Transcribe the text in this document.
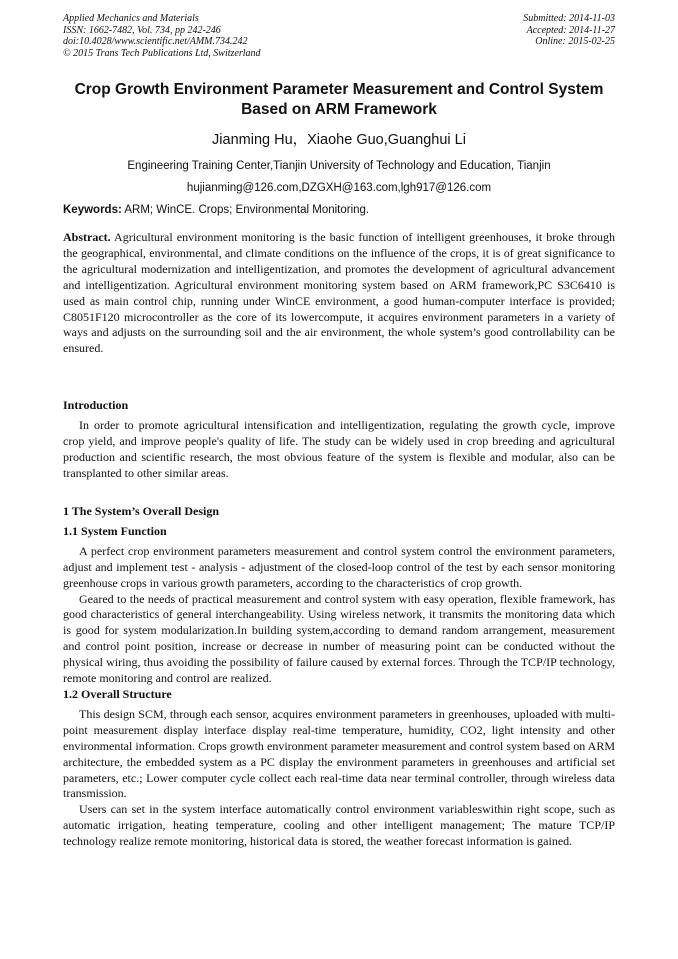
Applied Mechanics and Materials
ISSN: 1662-7482, Vol. 734, pp 242-246
doi:10.4028/www.scientific.net/AMM.734.242
© 2015 Trans Tech Publications Ltd, Switzerland
Submitted: 2014-11-03
Accepted: 2014-11-27
Online: 2015-02-25
Crop Growth Environment Parameter Measurement and Control System
Based on ARM Framework
Jianming Hu，Xiaohe Guo,Guanghui Li
Engineering Training Center,Tianjin University of Technology and Education, Tianjin
hujianming@126.com,DZGXH@163.com,lgh917@126.com
Keywords: ARM; WinCE. Crops; Environmental Monitoring.

Abstract. Agricultural environment monitoring is the basic function of intelligent greenhouses, it broke through the geographical, environmental, and climate conditions on the influence of the crops, it is of great significance to the agricultural modernization and intelligentization, and promotes the development of agricultural advancement and intelligentization. Agricultural environment monitoring system based on ARM framework,PC S3C6410 is used as main control chip, running under WinCE environment, a good human-computer interface is provided; C8051F120 microcontroller as the core of its lowercompute, it acquires environment parameters in a variety of ways and adjusts on the surrounding soil and the air environment, the whole system’s good controllability can be ensured.

Introduction

In order to promote agricultural intensification and intelligentization, regulating the growth cycle, improve crop yield, and improve people's quality of life. The study can be widely used in crop breeding and agricultural production and scientific research, the most obvious feature of the system is flexible and modular, also can be transplanted to other similar areas.

1 The System’s Overall Design

1.1 System Function

A perfect crop environment parameters measurement and control system control the environment parameters, adjust and implement test - analysis - adjustment of the closed-loop control of the test by each sensor monitoring greenhouse crops in various growth parameters, according to the characteristics of crop growth.

Geared to the needs of practical measurement and control system with easy operation, flexible framework, has good characteristics of general interchangeability. Using wireless network, it transmits the monitoring data which is good for system modularization.In building system,according to demand random arrangement, measurement and control point position, increase or decrease in number of measuring point can be conducted without the physical wiring, thus avoiding the possibility of failure caused by external forces. Through the TCP/IP technology, remote monitoring and control are realized.

1.2 Overall Structure

This design SCM, through each sensor, acquires environment parameters in greenhouses, uploaded with multi-point measurement display interface display real-time temperature, humidity, CO2, light intensity and other environmental information. Crops growth environment parameter measurement and control system based on ARM architecture, the embedded system as a PC display the environment parameters in greenhouses and artificial set parameters, etc.; Lower computer cycle collect each real-time data near terminal controller, through wireless data transmission.

Users can set in the system interface automatically control environment variableswithin right scope, such as automatic irrigation, heating temperature, cooling and other intelligent management; The mature TCP/IP technology realize remote monitoring, historical data is stored, the weather forecast information is gained.
